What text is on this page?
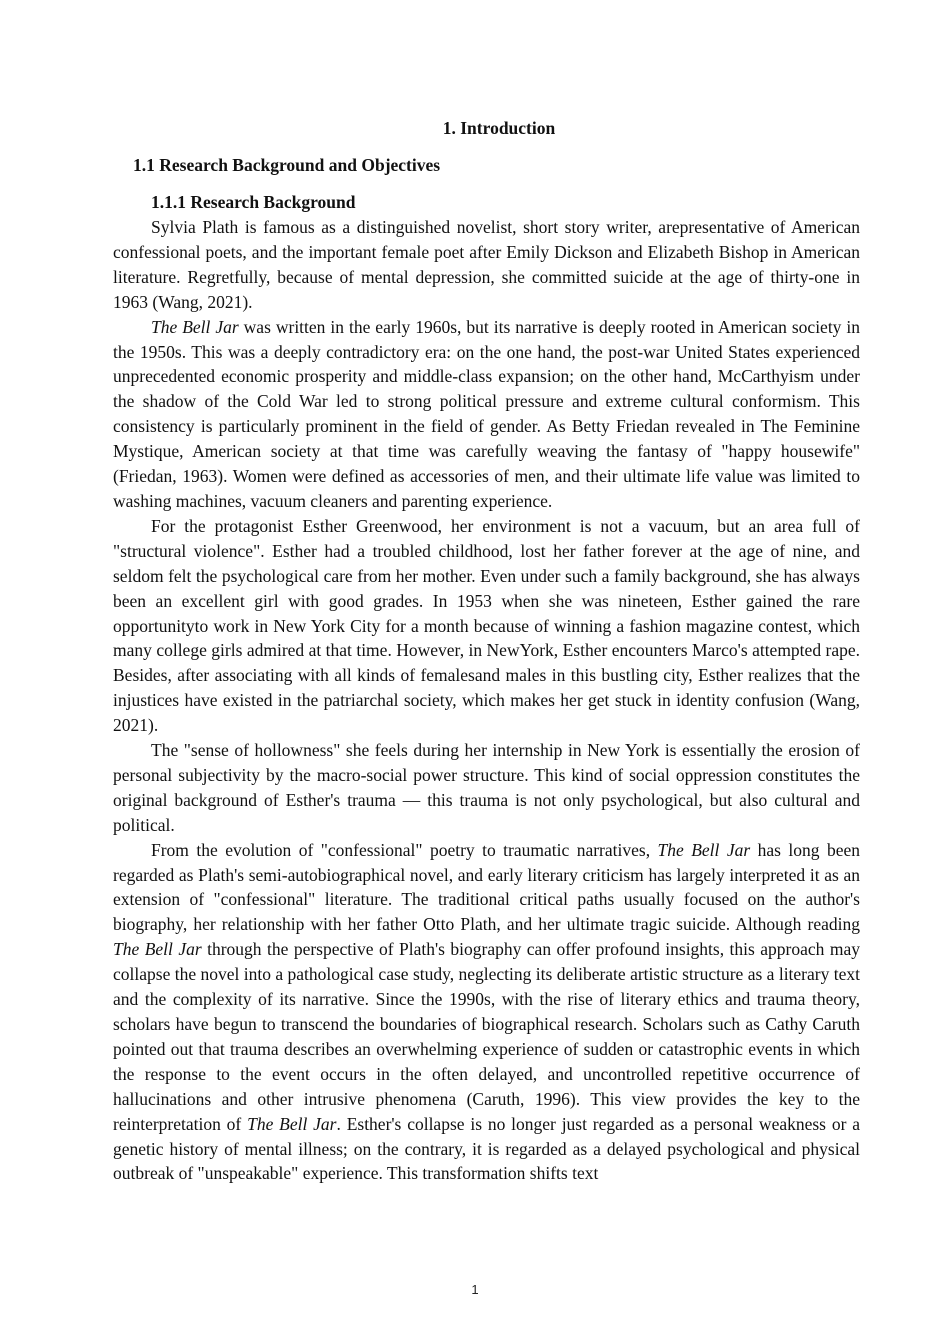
1. Introduction
1.1 Research Background and Objectives
1.1.1 Research Background

Sylvia Plath is famous as a distinguished novelist, short story writer, arepresentative of American confessional poets, and the important female poet after Emily Dickson and Elizabeth Bishop in American literature. Regretfully, because of mental depression, she committed suicide at the age of thirty-one in 1963 (Wang, 2021).

The Bell Jar was written in the early 1960s, but its narrative is deeply rooted in American society in the 1950s. This was a deeply contradictory era: on the one hand, the post-war United States experienced unprecedented economic prosperity and middle-class expansion; on the other hand, McCarthyism under the shadow of the Cold War led to strong political pressure and extreme cultural conformism. This consistency is particularly prominent in the field of gender. As Betty Friedan revealed in The Feminine Mystique, American society at that time was carefully weaving the fantasy of "happy housewife" (Friedan, 1963). Women were defined as accessories of men, and their ultimate life value was limited to washing machines, vacuum cleaners and parenting experience.

For the protagonist Esther Greenwood, her environment is not a vacuum, but an area full of "structural violence". Esther had a troubled childhood, lost her father forever at the age of nine, and seldom felt the psychological care from her mother. Even under such a family background, she has always been an excellent girl with good grades. In 1953 when she was nineteen, Esther gained the rare opportunityto work in New York City for a month because of winning a fashion magazine contest, which many college girls admired at that time. However, in NewYork, Esther encounters Marco's attempted rape. Besides, after associating with all kinds of femalesand males in this bustling city, Esther realizes that the injustices have existed in the patriarchal society, which makes her get stuck in identity confusion (Wang, 2021).

The "sense of hollowness" she feels during her internship in New York is essentially the erosion of personal subjectivity by the macro-social power structure. This kind of social oppression constitutes the original background of Esther's trauma — this trauma is not only psychological, but also cultural and political.

From the evolution of "confessional" poetry to traumatic narratives, The Bell Jar has long been regarded as Plath's semi-autobiographical novel, and early literary criticism has largely interpreted it as an extension of "confessional" literature. The traditional critical paths usually focused on the author's biography, her relationship with her father Otto Plath, and her ultimate tragic suicide. Although reading The Bell Jar through the perspective of Plath's biography can offer profound insights, this approach may collapse the novel into a pathological case study, neglecting its deliberate artistic structure as a literary text and the complexity of its narrative. Since the 1990s, with the rise of literary ethics and trauma theory, scholars have begun to transcend the boundaries of biographical research. Scholars such as Cathy Caruth pointed out that trauma describes an overwhelming experience of sudden or catastrophic events in which the response to the event occurs in the often delayed, and uncontrolled repetitive occurrence of hallucinations and other intrusive phenomena (Caruth, 1996). This view provides the key to the reinterpretation of The Bell Jar. Esther's collapse is no longer just regarded as a personal weakness or a genetic history of mental illness; on the contrary, it is regarded as a delayed psychological and physical outbreak of "unspeakable" experience. This transformation shifts text

1
